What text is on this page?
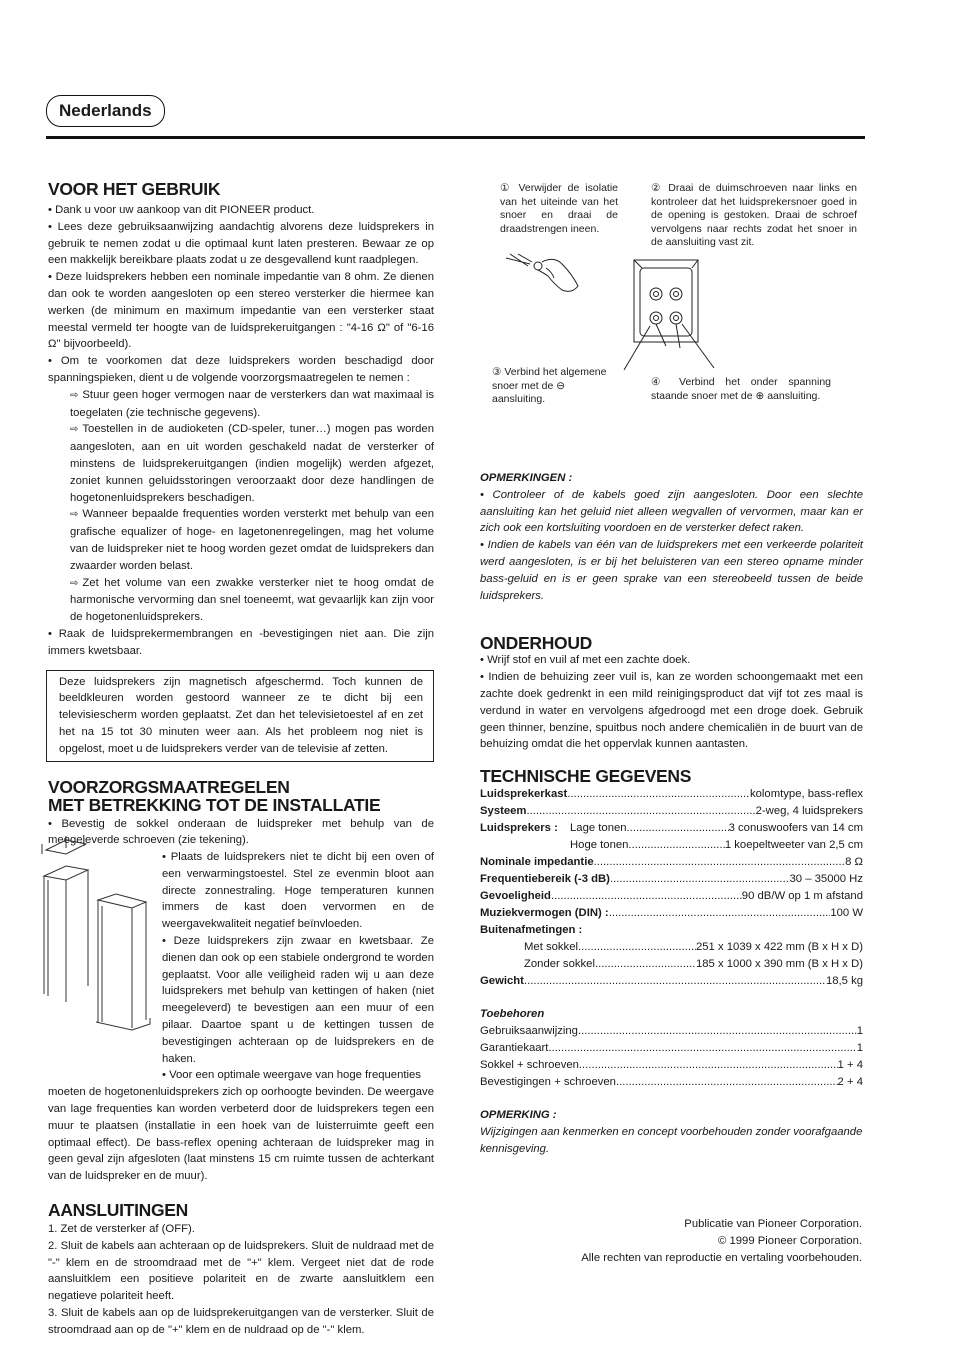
Nederlands
VOOR HET GEBRUIK

• Dank u voor uw aankoop van dit PIONEER product.

• Lees deze gebruiksaanwijzing aandachtig alvorens deze luidsprekers in gebruik te nemen zodat u die optimaal kunt laten presteren. Bewaar ze op een makkelijk bereikbare plaats zodat u ze desgevallend kunt raadplegen.

• Deze luidsprekers hebben een nominale impedantie van 8 ohm. Ze dienen dan ook te worden aangesloten op een stereo versterker die hiermee kan werken (de minimum en maximum impedantie van een versterker staat meestal vermeld ter hoogte van de luidsprekeruitgangen : "4-16 Ω" of "6-16 Ω" bijvoorbeeld).

• Om te voorkomen dat deze luidsprekers worden beschadigd door spanningspieken, dient u de volgende voorzorgsmaatregelen te nemen :

⇨ Stuur geen hoger vermogen naar de versterkers dan wat maximaal is toegelaten (zie technische gegevens).

⇨ Toestellen in de audioketen (CD-speler, tuner…) mogen pas worden aangesloten, aan en uit worden geschakeld nadat de versterker of minstens de luidsprekeruitgangen (indien mogelijk) werden afgezet, zoniet kunnen geluidsstoringen veroorzaakt door deze handlingen de hogetonenluidsprekers beschadigen.

⇨ Wanneer bepaalde frequenties worden versterkt met behulp van een grafische equalizer of hoge- en lagetonenregelingen, mag het volume van de luidspreker niet te hoog worden gezet omdat de luidsprekers dan zwaarder worden belast.

⇨ Zet het volume van een zwakke versterker niet te hoog omdat de harmonische vervorming dan snel toeneemt, wat gevaarlijk kan zijn voor de hogetonenluidsprekers.

• Raak de luidsprekermembrangen en -bevestigingen niet aan. Die zijn immers kwetsbaar.

Deze luidsprekers zijn magnetisch afgeschermd. Toch kunnen de beeldkleuren worden gestoord wanneer ze te dicht bij een televisiescherm worden geplaatst. Zet dan het televisietoestel af en zet het na 15 tot 30 minuten weer aan. Als het probleem nog niet is opgelost, moet u de luidsprekers verder van de televisie af zetten.
VOORZORGSMAATREGELEN
MET BETREKKING TOT DE INSTALLATIE

• Bevestig de sokkel onderaan de luidspreker met behulp van de meegeleverde schroeven (zie tekening).

• Plaats de luidsprekers niet te dicht bij een oven of een verwarmingstoestel. Stel ze evenmin bloot aan directe zonnestraling. Hoge temperaturen kunnen immers de kast doen vervormen en de weergavekwaliteit negatief beïnvloeden.

• Deze luidsprekers zijn zwaar en kwetsbaar. Ze dienen dan ook op een stabiele ondergrond te worden geplaatst. Voor alle veiligheid raden wij u aan deze luidsprekers met behulp van kettingen of haken (niet meegeleverd) te bevestigen aan een muur of een pilaar. Daartoe spant u de kettingen tussen de bevestigingen achteraan op de luidsprekers en de haken.

• Voor een optimale weergave van hoge frequenties

moeten de hogetonenluidsprekers zich op oorhoogte bevinden. De weergave van lage frequenties kan worden verbeterd door de luidsprekers tegen een muur te plaatsen (installatie in een hoek van de luisterruimte geeft een optimaal effect). De bass-reflex opening achteraan de luidspreker mag in geen geval zijn afgesloten (laat minstens 15 cm ruimte tussen de achterkant van de luidspreker en de muur).

AANSLUITINGEN

1. Zet de versterker af (OFF).

2. Sluit de kabels aan achteraan op de luidsprekers. Sluit de nuldraad met de "-" klem en de stroomdraad met de "+" klem. Vergeet niet dat de rode aansluitklem een positieve polariteit en de zwarte aansluitklem een negatieve polariteit heeft.

3. Sluit de kabels aan op de luidsprekeruitgangen van de versterker. Sluit de stroomdraad aan op de "+" klem en de nuldraad op de "-" klem.

① Verwijder de isolatie van het uiteinde van het snoer en draai de draadstrengen ineen.
② Draai de duimschroeven naar links en kontroleer dat het luidsprekersnoer goed in de opening is gestoken. Draai de schroef vervolgens naar rechts zodat het snoer in de aansluiting vast zit.
③ Verbind het algemene
snoer met de ⊖ aansluiting.
④ Verbind het onder spanning staande snoer met de ⊕ aansluiting.
OPMERKINGEN :

• Controleer of de kabels goed zijn aangesloten. Door een slechte aansluiting kan het geluid niet alleen wegvallen of vervormen, maar kan er zich ook een kortsluiting voordoen en de versterker defect raken.

• Indien de kabels van één van de luidsprekers met een verkeerde polariteit werd aangesloten, is er bij het beluisteren van een stereo opname minder bass-geluid en is er geen sprake van een stereobeeld tussen de beide luidsprekers.

ONDERHOUD

• Wrijf stof en vuil af met een zachte doek.

• Indien de behuizing zeer vuil is, kan ze worden schoongemaakt met een zachte doek gedrenkt in een mild reinigingsproduct dat vijf tot zes maal is verdund in water en vervolgens afgedroogd met een droge doek. Gebruik geen thinner, benzine, spuitbus noch andere chemicaliën in de buurt van de behuizing omdat die het oppervlak kunnen aantasten.

TECHNISCHE GEGEVENS
Luidsprekerkast .....	kolomtype, bass-reflex
Systeem .....	2-weg, 4 luidsprekers
Luidsprekers :	Lage tonen .....	3 conuswoofers van 14 cm
Hoge tonen .....	1 koepeltweeter van 2,5 cm
Nominale impedantie .....	8 Ω
Frequentiebereik (-3 dB) .....	30 – 35000 Hz
Gevoeligheid .....	90 dB/W op 1 m afstand
Muziekvermogen (DIN) : .....	100 W
Buitenafmetingen :
Met sokkel .....	251 x 1039 x 422 mm (B x H x D)
Zonder sokkel .....	185 x 1000 x 390 mm (B x H x D)
Gewicht .....	18,5 kg
Toebehoren
Gebruiksaanwijzing .....	1
Garantiekaart .....	1
Sokkel + schroeven .....	1 + 4
Bevestigingen + schroeven .....	2 + 4
OPMERKING :

Wijzigingen aan kenmerken en concept voorbehouden zonder voorafgaande kennisgeving.

Publicatie van Pioneer Corporation.
© 1999 Pioneer Corporation.
Alle rechten van reproductie en vertaling voorbehouden.
